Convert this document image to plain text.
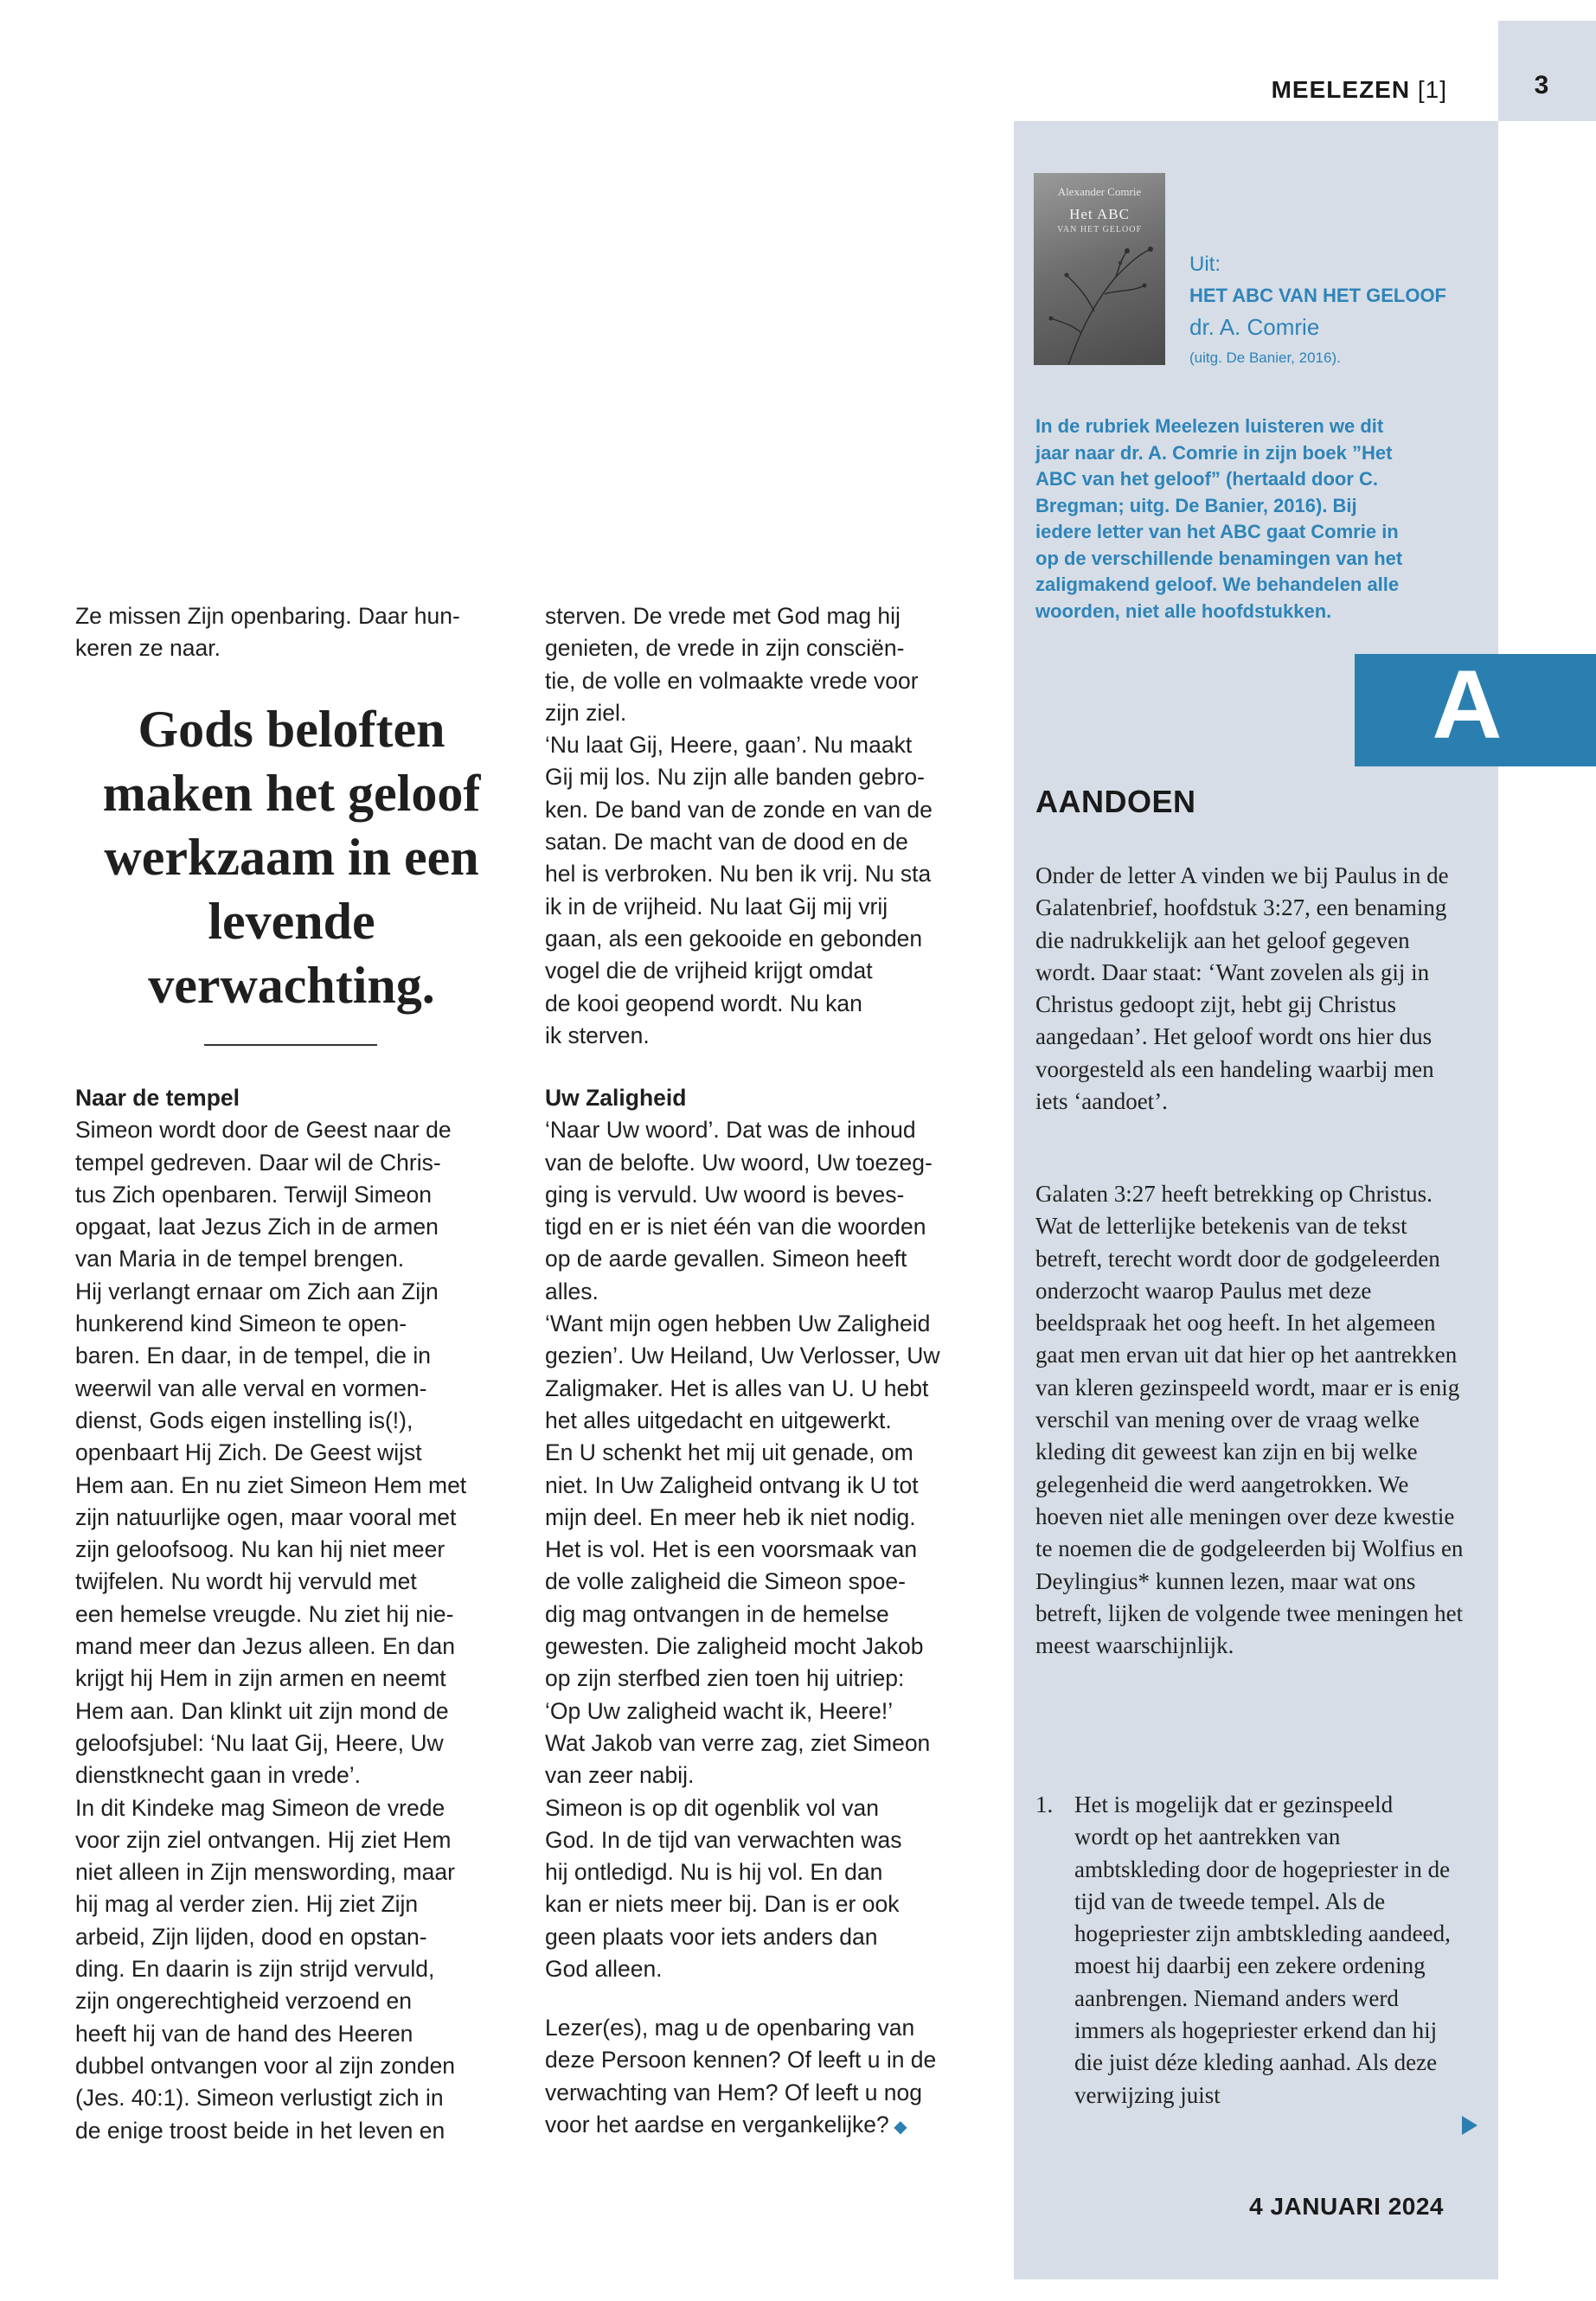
MEELEZEN [1]	3
Alexander Comrie
Het ABC
VAN HET GELOOF
Uit:
HET ABC VAN HET GELOOF
dr. A. Comrie
(uitg. De Banier, 2016).
In de rubriek Meelezen luisteren we dit
jaar naar dr. A. Comrie in zijn boek ”Het
ABC van het geloof” (hertaald door C.
Bregman; uitg. De Banier, 2016). Bij
iedere letter van het ABC gaat Comrie in
op de verschillende benamingen van het
zaligmakend geloof. We behandelen alle
woorden, niet alle hoofdstukken.
A
AANDOEN
Onder de letter A vinden we bij Paulus in de Galatenbrief, hoofdstuk 3:27, een benaming die nadrukkelijk aan het geloof gegeven wordt. Daar staat: ‘Want zovelen als gij in Christus gedoopt zijt, hebt gij Christus aangedaan’. Het geloof wordt ons hier dus voorgesteld als een handeling waarbij men iets ‘aandoet’.
Galaten 3:27 heeft betrekking op Christus. Wat de letterlijke betekenis van de tekst betreft, terecht wordt door de godgeleerden onderzocht waarop Paulus met deze beeldspraak het oog heeft. In het algemeen gaat men ervan uit dat hier op het aantrekken van kleren gezinspeeld wordt, maar er is enig verschil van mening over de vraag welke kleding dit geweest kan zijn en bij welke gelegenheid die werd aangetrokken. We hoeven niet alle meningen over deze kwestie te noemen die de godgeleerden bij Wolfius en Deylingius* kunnen lezen, maar wat ons betreft, lijken de volgende twee meningen het meest waarschijnlijk.
1. Het is mogelijk dat er gezinspeeld wordt op het aantrekken van ambtskleding door de hogepriester in de tijd van de tweede tempel. Als de hogepriester zijn ambtskleding aandeed, moest hij daarbij een zekere ordening aanbrengen. Niemand anders werd immers als hogepriester erkend dan hij die juist déze kleding aanhad. Als deze verwijzing juist
4 JANUARI 2024
Ze missen Zijn openbaring. Daar hun-
keren ze naar.
Gods beloften maken het geloof werkzaam in een levende verwachting.
Naar de tempel
Simeon wordt door de Geest naar de
tempel gedreven. Daar wil de Chris-
tus Zich openbaren. Terwijl Simeon
opgaat, laat Jezus Zich in de armen
van Maria in de tempel brengen.
Hij verlangt ernaar om Zich aan Zijn
hunkerend kind Simeon te open-
baren. En daar, in de tempel, die in
weerwil van alle verval en vormen-
dienst, Gods eigen instelling is(!),
openbaart Hij Zich. De Geest wijst
Hem aan. En nu ziet Simeon Hem met
zijn natuurlijke ogen, maar vooral met
zijn geloofsoog. Nu kan hij niet meer
twijfelen. Nu wordt hij vervuld met
een hemelse vreugde. Nu ziet hij nie-
mand meer dan Jezus alleen. En dan
krijgt hij Hem in zijn armen en neemt
Hem aan. Dan klinkt uit zijn mond de
geloofsjubel: ‘Nu laat Gij, Heere, Uw
dienstknecht gaan in vrede’.
In dit Kindeke mag Simeon de vrede
voor zijn ziel ontvangen. Hij ziet Hem
niet alleen in Zijn menswording, maar
hij mag al verder zien. Hij ziet Zijn
arbeid, Zijn lijden, dood en opstan-
ding. En daarin is zijn strijd vervuld,
zijn ongerechtigheid verzoend en
heeft hij van de hand des Heeren
dubbel ontvangen voor al zijn zonden
(Jes. 40:1). Simeon verlustigt zich in
de enige troost beide in het leven en
sterven. De vrede met God mag hij
genieten, de vrede in zijn consciën-
tie, de volle en volmaakte vrede voor
zijn ziel.
‘Nu laat Gij, Heere, gaan’. Nu maakt
Gij mij los. Nu zijn alle banden gebro-
ken. De band van de zonde en van de
satan. De macht van de dood en de
hel is verbroken. Nu ben ik vrij. Nu sta
ik in de vrijheid. Nu laat Gij mij vrij
gaan, als een gekooide en gebonden
vogel die de vrijheid krijgt omdat
de kooi geopend wordt. Nu kan
ik sterven.
Uw Zaligheid
‘Naar Uw woord’. Dat was de inhoud
van de belofte. Uw woord, Uw toezeg-
ging is vervuld. Uw woord is beves-
tigd en er is niet één van die woorden
op de aarde gevallen. Simeon heeft
alles.
‘Want mijn ogen hebben Uw Zaligheid
gezien’. Uw Heiland, Uw Verlosser, Uw
Zaligmaker. Het is alles van U. U hebt
het alles uitgedacht en uitgewerkt.
En U schenkt het mij uit genade, om
niet. In Uw Zaligheid ontvang ik U tot
mijn deel. En meer heb ik niet nodig.
Het is vol. Het is een voorsmaak van
de volle zaligheid die Simeon spoe-
dig mag ontvangen in de hemelse
gewesten. Die zaligheid mocht Jakob
op zijn sterfbed zien toen hij uitriep:
‘Op Uw zaligheid wacht ik, Heere!’
Wat Jakob van verre zag, ziet Simeon
van zeer nabij.
Simeon is op dit ogenblik vol van
God. In de tijd van verwachten was
hij ontledigd. Nu is hij vol. En dan
kan er niets meer bij. Dan is er ook
geen plaats voor iets anders dan
God alleen.
Lezer(es), mag u de openbaring van
deze Persoon kennen? Of leeft u in de
verwachting van Hem? Of leeft u nog
voor het aardse en vergankelijke? ◆
